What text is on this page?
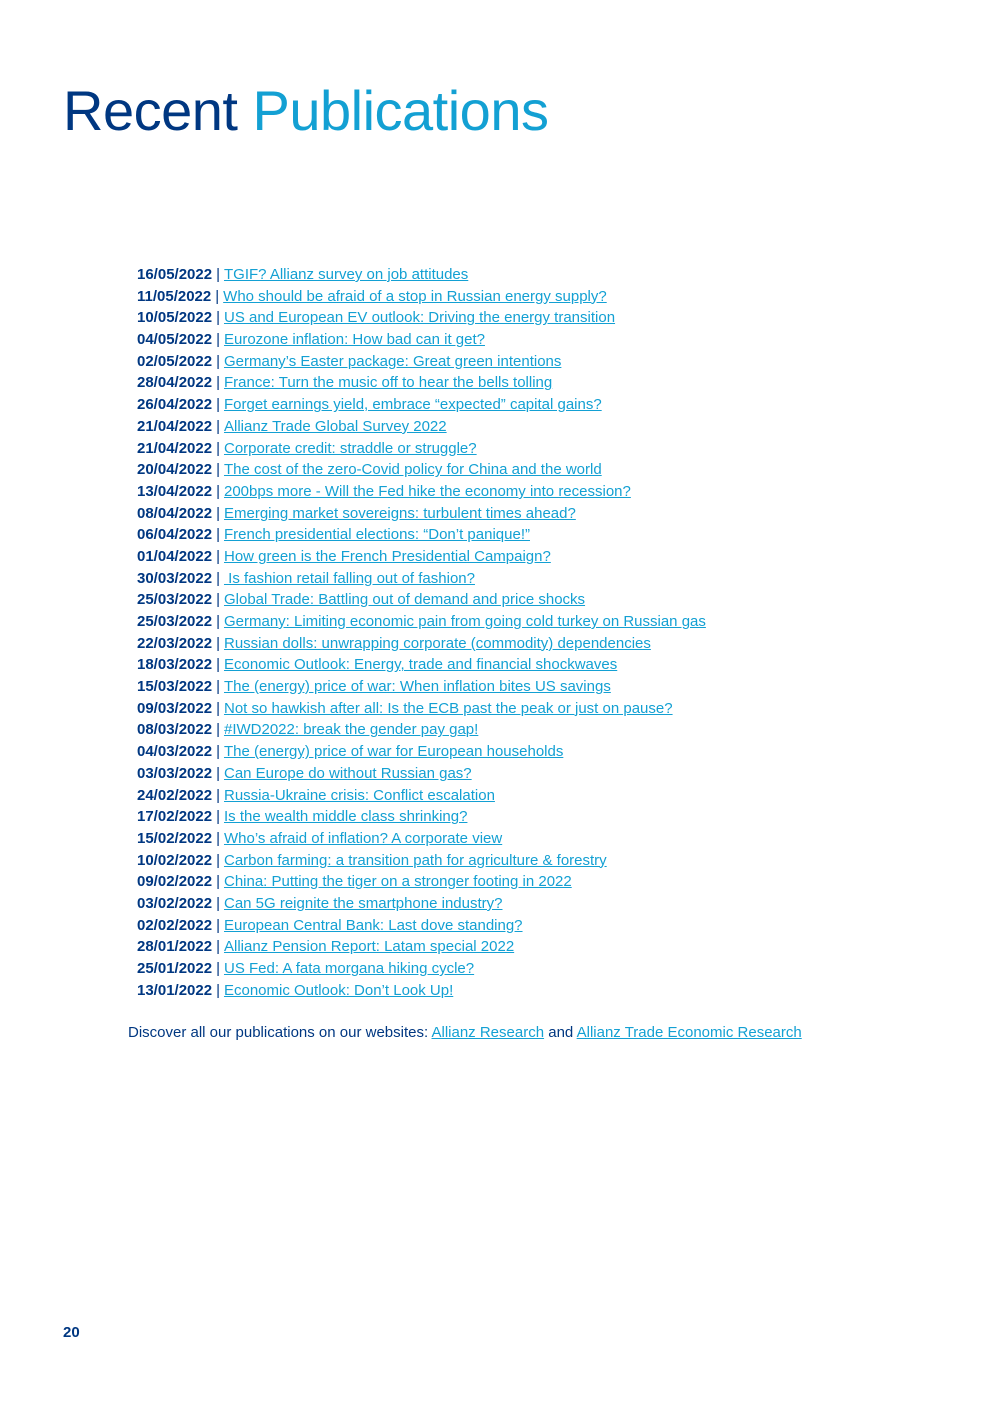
Recent Publications
16/05/2022 | TGIF? Allianz survey on job attitudes
11/05/2022 | Who should be afraid of a stop in Russian energy supply?
10/05/2022 | US and European EV outlook: Driving the energy transition
04/05/2022 | Eurozone inflation: How bad can it get?
02/05/2022 | Germany’s Easter package: Great green intentions
28/04/2022 | France: Turn the music off to hear the bells tolling
26/04/2022 | Forget earnings yield, embrace “expected” capital gains?
21/04/2022 | Allianz Trade Global Survey 2022
21/04/2022 | Corporate credit: straddle or struggle?
20/04/2022 | The cost of the zero-Covid policy for China and the world
13/04/2022 | 200bps more - Will the Fed hike the economy into recession?
08/04/2022 | Emerging market sovereigns: turbulent times ahead?
06/04/2022 | French presidential elections: “Don’t panique!”
01/04/2022 | How green is the French Presidential Campaign?
30/03/2022 | Is fashion retail falling out of fashion?
25/03/2022 | Global Trade: Battling out of demand and price shocks
25/03/2022 | Germany: Limiting economic pain from going cold turkey on Russian gas
22/03/2022 | Russian dolls: unwrapping corporate (commodity) dependencies
18/03/2022 | Economic Outlook: Energy, trade and financial shockwaves
15/03/2022 | The (energy) price of war: When inflation bites US savings
09/03/2022 | Not so hawkish after all: Is the ECB past the peak or just on pause?
08/03/2022 | #IWD2022: break the gender pay gap!
04/03/2022 | The (energy) price of war for European households
03/03/2022 | Can Europe do without Russian gas?
24/02/2022 | Russia-Ukraine crisis: Conflict escalation
17/02/2022 | Is the wealth middle class shrinking?
15/02/2022 | Who’s afraid of inflation? A corporate view
10/02/2022 | Carbon farming: a transition path for agriculture & forestry
09/02/2022 | China: Putting the tiger on a stronger footing in 2022
03/02/2022 | Can 5G reignite the smartphone industry?
02/02/2022 | European Central Bank: Last dove standing?
28/01/2022 | Allianz Pension Report: Latam special 2022
25/01/2022 | US Fed: A fata morgana hiking cycle?
13/01/2022 | Economic Outlook: Don’t Look Up!
Discover all our publications on our websites: Allianz Research and Allianz Trade Economic Research
20
